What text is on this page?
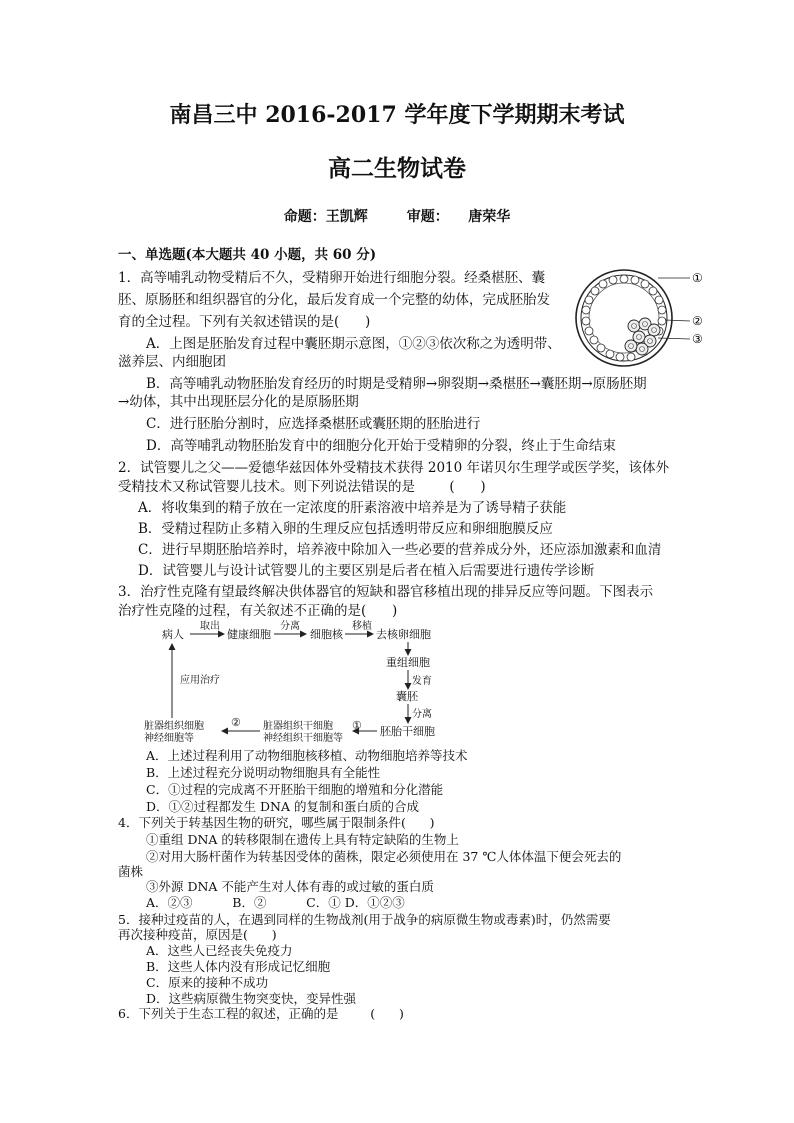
南昌三中 2016-2017 学年度下学期期末考试
高二生物试卷
命题：王凯辉        审题：    唐荣华
一、单选题(本大题共 40 小题，共 60 分)
1．高等哺乳动物受精后不久，受精卵开始进行细胞分裂。经桑椹胚、囊
胚、原肠胚和组织器官的分化，最后发育成一个完整的幼体，完成胚胎发
育的全过程。下列有关叙述错误的是(      )
A．上图是胚胎发育过程中囊胚期示意图，①②③依次称之为透明带、
滋养层、内细胞团
B．高等哺乳动物胚胎发育经历的时期是受精卵→卵裂期→桑椹胚→囊胚期→原肠胚期
→幼体，其中出现胚层分化的是原肠胚期
C．进行胚胎分割时，应选择桑椹胚或囊胚期的胚胎进行
D．高等哺乳动物胚胎发育中的细胞分化开始于受精卵的分裂，终止于生命结束
①
②
③
2．试管婴儿之父——爱德华兹因体外受精技术获得 2010 年诺贝尔生理学或医学奖，该体外
受精技术又称试管婴儿技术。则下列说法错误的是        (      )
A．将收集到的精子放在一定浓度的肝素溶液中培养是为了诱导精子获能
B．受精过程防止多精入卵的生理反应包括透明带反应和卵细胞膜反应
C．进行早期胚胎培养时，培养液中除加入一些必要的营养成分外，还应添加激素和血清
D．试管婴儿与设计试管婴儿的主要区别是后者在植入后需要进行遗传学诊断
3．治疗性克隆有望最终解决供体器官的短缺和器官移植出现的排异反应等问题。下图表示
治疗性克隆的过程，有关叙述不正确的是(      )
病人
取出
健康细胞
分离
细胞核
移植
去核卵细胞
重组细胞
发育
囊胚
分离
胚胎干细胞
①
脏器组织干细胞
神经组织干细胞等
②
脏器组织细胞
神经细胞等
应用治疗
A．上述过程利用了动物细胞核移植、动物细胞培养等技术
B．上述过程充分说明动物细胞具有全能性
C．①过程的完成离不开胚胎干细胞的增殖和分化潜能
D．①②过程都发生 DNA 的复制和蛋白质的合成
4．下列关于转基因生物的研究，哪些属于限制条件(      )
①重组 DNA 的转移限制在遗传上具有特定缺陷的生物上
②对用大肠杆菌作为转基因受体的菌株，限定必须使用在 37 ℃人体体温下便会死去的
菌株
③外源 DNA 不能产生对人体有毒的或过敏的蛋白质
A．②③          B．②          C．① D．①②③
5．接种过疫苗的人，在遇到同样的生物战剂(用于战争的病原微生物或毒素)时，仍然需要
再次接种疫苗，原因是(      )
A．这些人已经丧失免疫力
B．这些人体内没有形成记忆细胞
C．原来的接种不成功
D．这些病原微生物突变快，变异性强
6．下列关于生态工程的叙述，正确的是        (      )
